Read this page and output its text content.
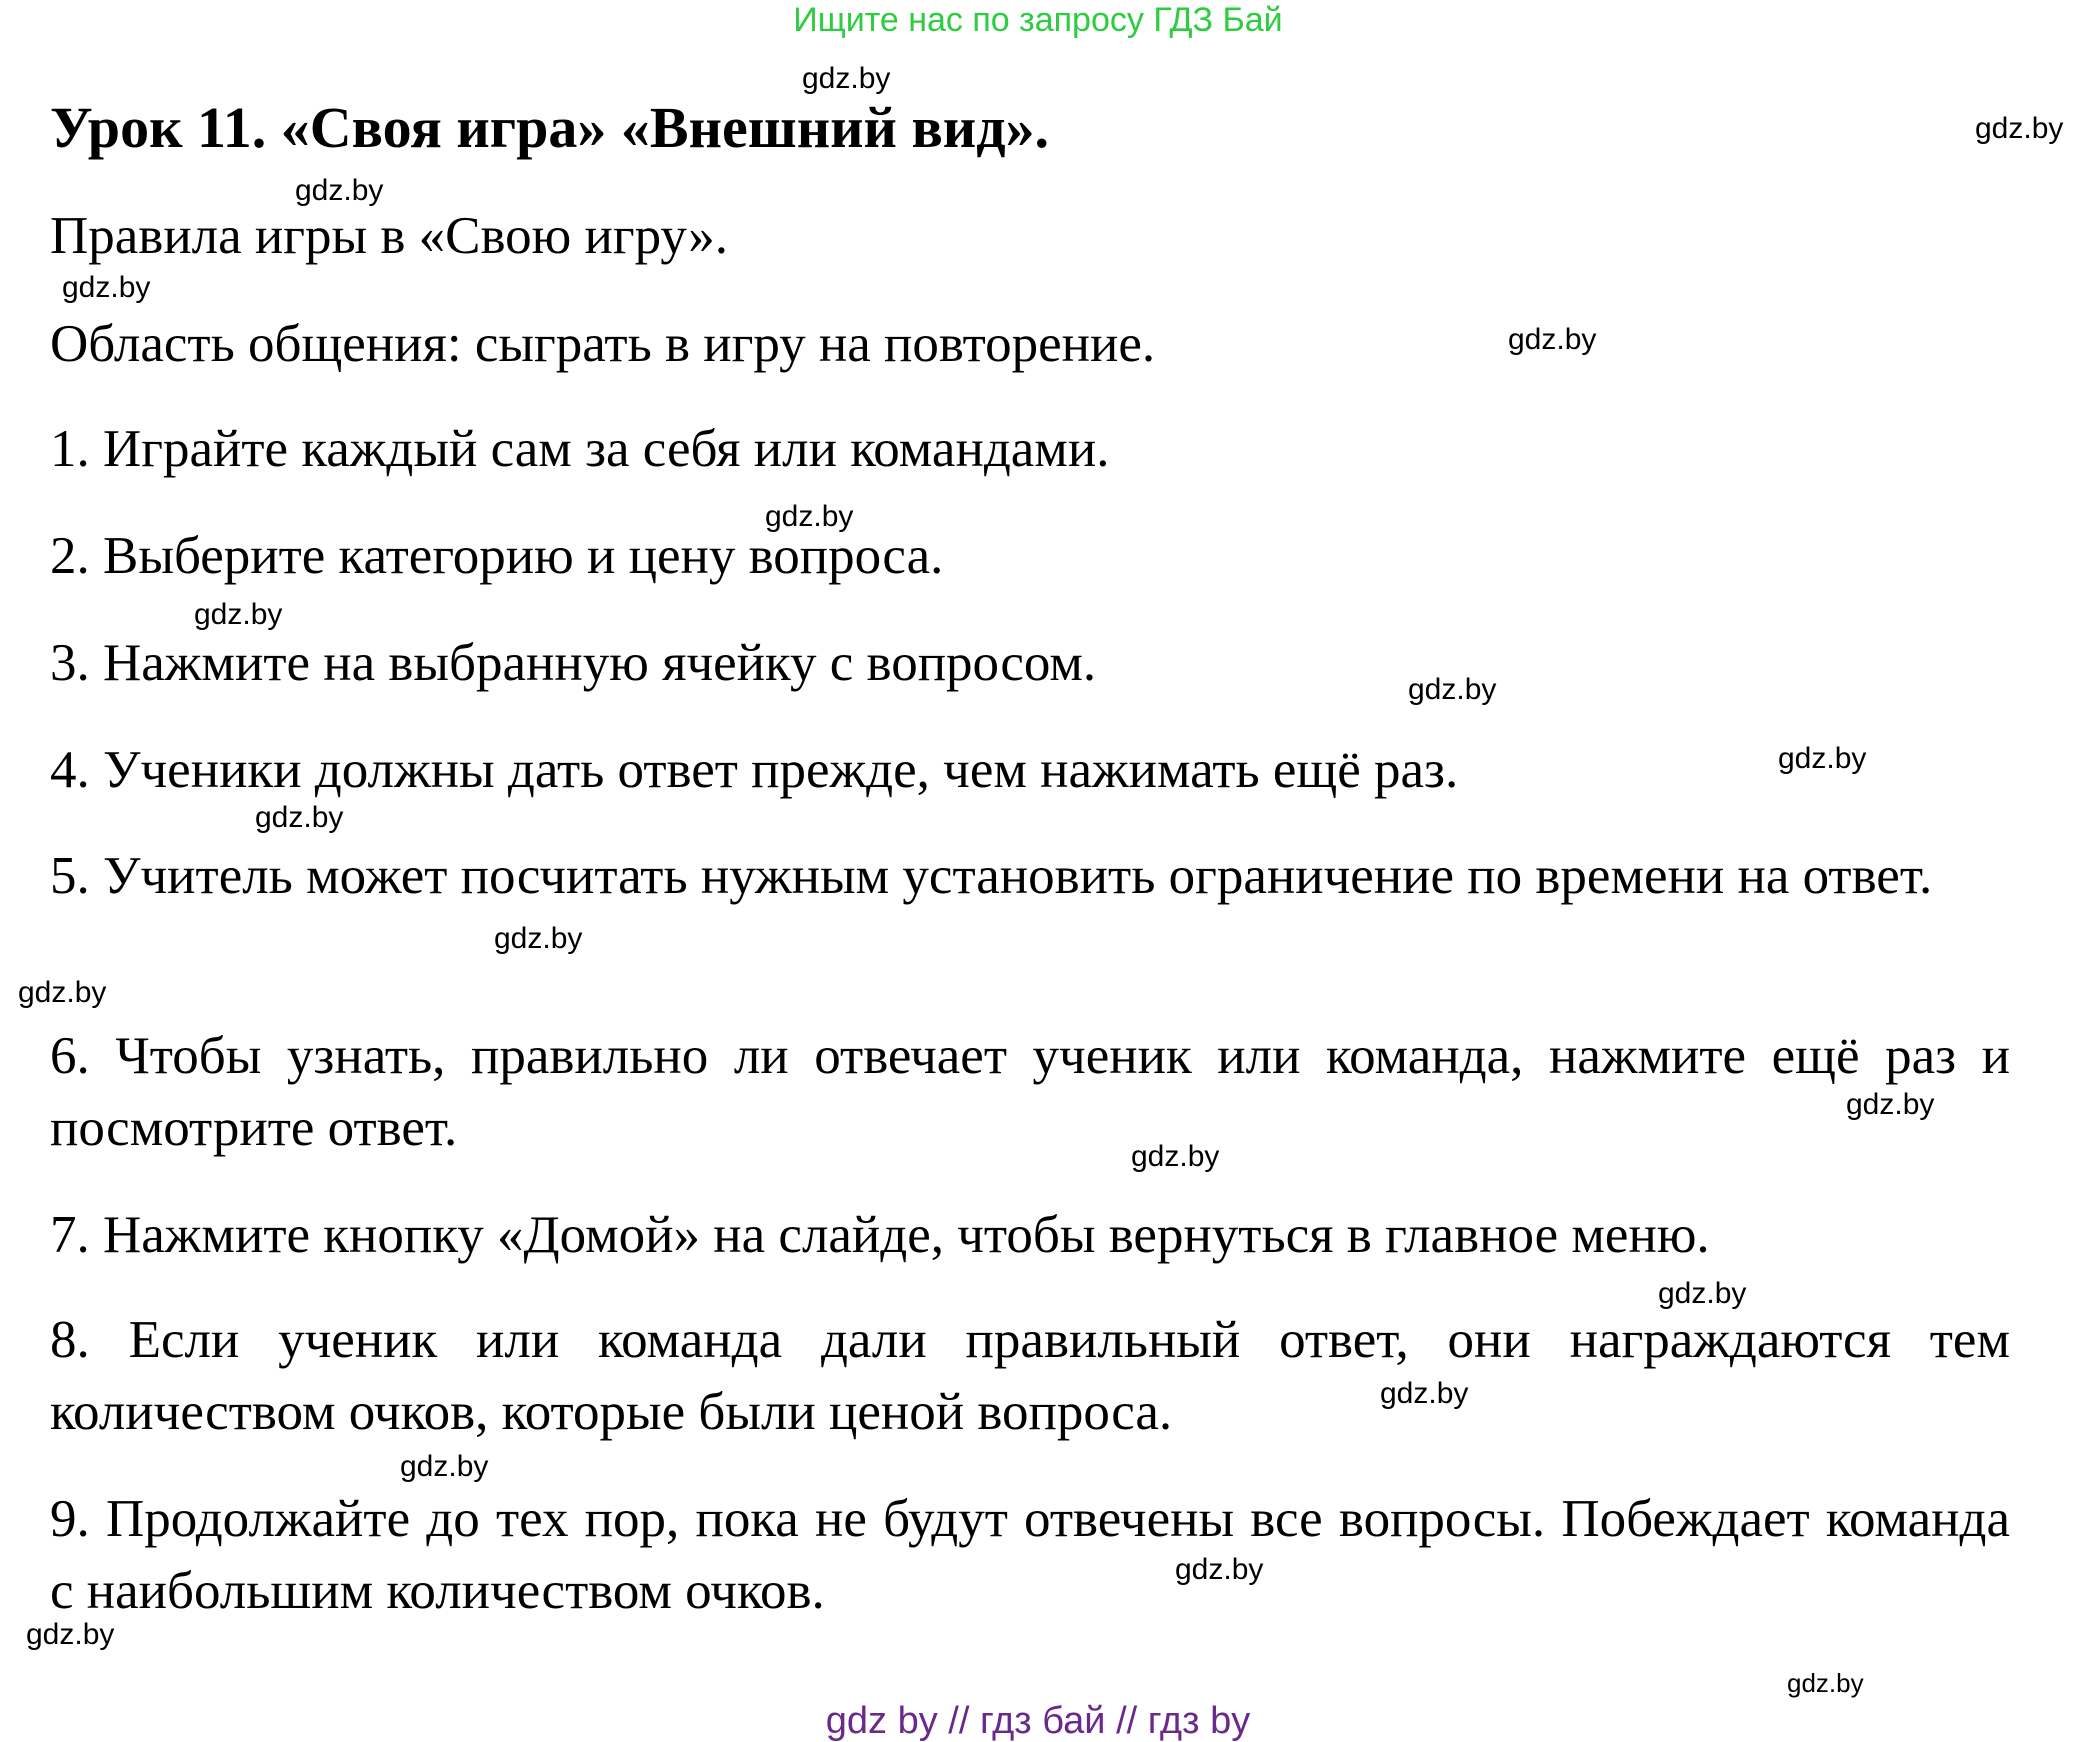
Ищите нас по запросу ГДЗ Бай
Урок 11. «Своя игра» «Внешний вид».
Правила игры в «Свою игру».
Область общения: сыграть в игру на повторение.
1. Играйте каждый сам за себя или командами.
2. Выберите категорию и цену вопроса.
3. Нажмите на выбранную ячейку с вопросом.
4. Ученики должны дать ответ прежде, чем нажимать ещё раз.
5. Учитель может посчитать нужным установить ограничение по времени на ответ.
6. Чтобы узнать, правильно ли отвечает ученик или команда, нажмите ещё раз и посмотрите ответ.
7. Нажмите кнопку «Домой» на слайде, чтобы вернуться в главное меню.
8. Если ученик или команда дали правильный ответ, они награждаются тем количеством очков, которые были ценой вопроса.
9. Продолжайте до тех пор, пока не будут отвечены все вопросы. Побеждает команда с наибольшим количеством очков.
gdz.by
gdz.by
gdz.by
gdz.by
gdz.by
gdz.by
gdz.by
gdz.by
gdz.by
gdz.by
gdz.by
gdz.by
gdz.by
gdz.by
gdz.by
gdz.by
gdz.by
gdz.by
gdz.by
gdz.by
gdz by // гдз бай // гдз by
